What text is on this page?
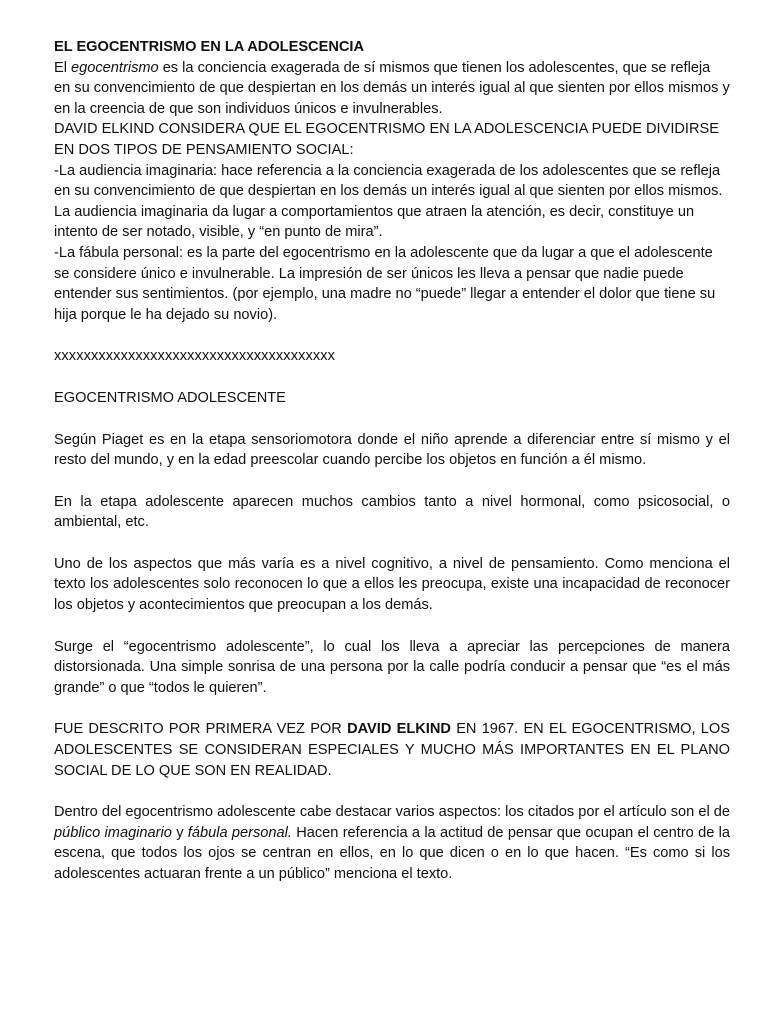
EL EGOCENTRISMO EN LA ADOLESCENCIA

El egocentrismo es la conciencia exagerada de sí mismos que tienen los adolescentes, que se refleja en su convencimiento de que despiertan en los demás un interés igual al que sienten por ellos mismos y en la creencia de que son individuos únicos e invulnerables.

DAVID ELKIND CONSIDERA QUE EL EGOCENTRISMO EN LA ADOLESCENCIA PUEDE DIVIDIRSE EN DOS TIPOS DE PENSAMIENTO SOCIAL:

-La audiencia imaginaria: hace referencia a la conciencia exagerada de los adolescentes que se refleja en su convencimiento de que despiertan en los demás un interés igual al que sienten por ellos mismos. La audiencia imaginaria da lugar a comportamientos que atraen la atención, es decir, constituye un intento de ser notado, visible, y “en punto de mira”.

-La fábula personal: es la parte del egocentrismo en la adolescente que da lugar a que el adolescente se considere único e invulnerable. La impresión de ser únicos les lleva a pensar que nadie puede entender sus sentimientos. (por ejemplo, una madre no “puede” llegar a entender el dolor que tiene su hija porque le ha dejado su novio).

xxxxxxxxxxxxxxxxxxxxxxxxxxxxxxxxxxxxxx

EGOCENTRISMO ADOLESCENTE

Según Piaget es en la etapa sensoriomotora donde el niño aprende a diferenciar entre sí mismo y el resto del mundo, y en la edad preescolar cuando percibe los objetos en función a él mismo.

En la etapa adolescente aparecen muchos cambios tanto a nivel hormonal, como psicosocial, o ambiental, etc.

Uno de los aspectos que más varía es a nivel cognitivo, a nivel de pensamiento. Como menciona el texto los adolescentes solo reconocen lo que a ellos les preocupa, existe una incapacidad de reconocer los objetos y acontecimientos que preocupan a los demás.

Surge el “egocentrismo adolescente”, lo cual los lleva a apreciar las percepciones de manera distorsionada. Una simple sonrisa de una persona por la calle podría conducir a pensar que “es el más grande” o que “todos le quieren”.

FUE DESCRITO POR PRIMERA VEZ POR DAVID ELKIND EN 1967. EN EL EGOCENTRISMO, LOS ADOLESCENTES SE CONSIDERAN ESPECIALES Y MUCHO MÁS IMPORTANTES EN EL PLANO SOCIAL DE LO QUE SON EN REALIDAD.

Dentro del egocentrismo adolescente cabe destacar varios aspectos: los citados por el artículo son el de público imaginario y fábula personal. Hacen referencia a la actitud de pensar que ocupan el centro de la escena, que todos los ojos se centran en ellos, en lo que dicen o en lo que hacen. “Es como si los adolescentes actuaran frente a un público” menciona el texto.
